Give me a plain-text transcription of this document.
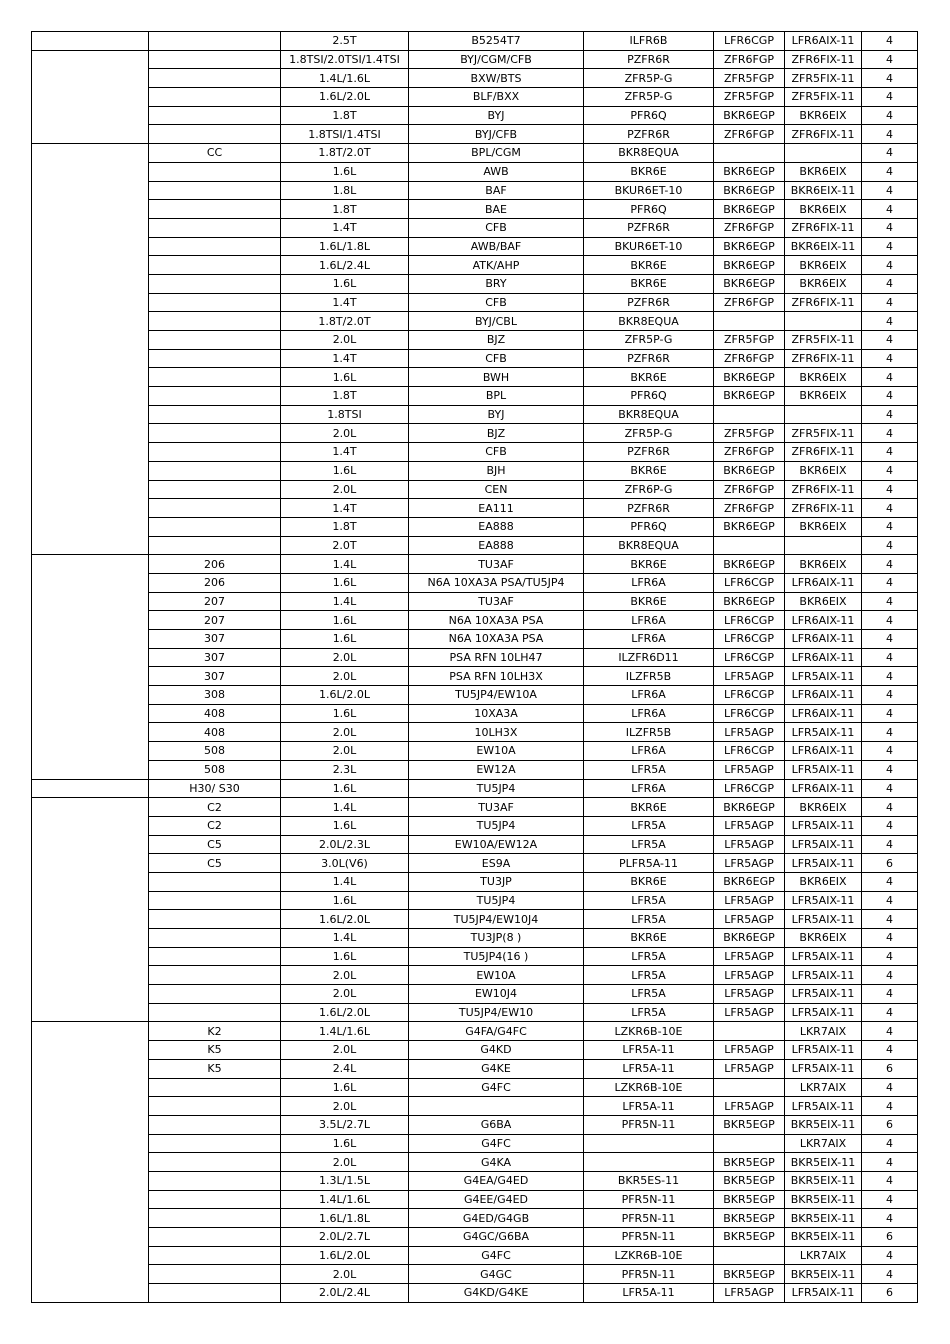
		2.5T	B5254T7	ILFR6B	LFR6CGP	LFR6AIX-11	4
		1.8TSI/2.0TSI/1.4TSI	BYJ/CGM/CFB	PZFR6R	ZFR6FGP	ZFR6FIX-11	4
		1.4L/1.6L	BXW/BTS	ZFR5P-G	ZFR5FGP	ZFR5FIX-11	4
		1.6L/2.0L	BLF/BXX	ZFR5P-G	ZFR5FGP	ZFR5FIX-11	4
		1.8T	BYJ	PFR6Q	BKR6EGP	BKR6EIX	4
		1.8TSI/1.4TSI	BYJ/CFB	PZFR6R	ZFR6FGP	ZFR6FIX-11	4
	CC	1.8T/2.0T	BPL/CGM	BKR8EQUA			4
		1.6L	AWB	BKR6E	BKR6EGP	BKR6EIX	4
		1.8L	BAF	BKUR6ET-10	BKR6EGP	BKR6EIX-11	4
		1.8T	BAE	PFR6Q	BKR6EGP	BKR6EIX	4
		1.4T	CFB	PZFR6R	ZFR6FGP	ZFR6FIX-11	4
		1.6L/1.8L	AWB/BAF	BKUR6ET-10	BKR6EGP	BKR6EIX-11	4
		1.6L/2.4L	ATK/AHP	BKR6E	BKR6EGP	BKR6EIX	4
		1.6L	BRY	BKR6E	BKR6EGP	BKR6EIX	4
		1.4T	CFB	PZFR6R	ZFR6FGP	ZFR6FIX-11	4
		1.8T/2.0T	BYJ/CBL	BKR8EQUA			4
		2.0L	BJZ	ZFR5P-G	ZFR5FGP	ZFR5FIX-11	4
		1.4T	CFB	PZFR6R	ZFR6FGP	ZFR6FIX-11	4
		1.6L	BWH	BKR6E	BKR6EGP	BKR6EIX	4
		1.8T	BPL	PFR6Q	BKR6EGP	BKR6EIX	4
		1.8TSI	BYJ	BKR8EQUA			4
		2.0L	BJZ	ZFR5P-G	ZFR5FGP	ZFR5FIX-11	4
		1.4T	CFB	PZFR6R	ZFR6FGP	ZFR6FIX-11	4
		1.6L	BJH	BKR6E	BKR6EGP	BKR6EIX	4
		2.0L	CEN	ZFR6P-G	ZFR6FGP	ZFR6FIX-11	4
		1.4T	EA111	PZFR6R	ZFR6FGP	ZFR6FIX-11	4
		1.8T	EA888	PFR6Q	BKR6EGP	BKR6EIX	4
		2.0T	EA888	BKR8EQUA			4
	206	1.4L	TU3AF	BKR6E	BKR6EGP	BKR6EIX	4
	206	1.6L	N6A 10XA3A PSA/TU5JP4	LFR6A	LFR6CGP	LFR6AIX-11	4
	207	1.4L	TU3AF	BKR6E	BKR6EGP	BKR6EIX	4
	207	1.6L	N6A 10XA3A PSA	LFR6A	LFR6CGP	LFR6AIX-11	4
	307	1.6L	N6A 10XA3A PSA	LFR6A	LFR6CGP	LFR6AIX-11	4
	307	2.0L	PSA RFN 10LH47	ILZFR6D11	LFR6CGP	LFR6AIX-11	4
	307	2.0L	PSA RFN 10LH3X	ILZFR5B	LFR5AGP	LFR5AIX-11	4
	308	1.6L/2.0L	TU5JP4/EW10A	LFR6A	LFR6CGP	LFR6AIX-11	4
	408	1.6L	10XA3A	LFR6A	LFR6CGP	LFR6AIX-11	4
	408	2.0L	10LH3X	ILZFR5B	LFR5AGP	LFR5AIX-11	4
	508	2.0L	EW10A	LFR6A	LFR6CGP	LFR6AIX-11	4
	508	2.3L	EW12A	LFR5A	LFR5AGP	LFR5AIX-11	4
	H30/ S30	1.6L	TU5JP4	LFR6A	LFR6CGP	LFR6AIX-11	4
	C2	1.4L	TU3AF	BKR6E	BKR6EGP	BKR6EIX	4
	C2	1.6L	TU5JP4	LFR5A	LFR5AGP	LFR5AIX-11	4
	C5	2.0L/2.3L	EW10A/EW12A	LFR5A	LFR5AGP	LFR5AIX-11	4
	C5	3.0L(V6)	ES9A	PLFR5A-11	LFR5AGP	LFR5AIX-11	6
		1.4L	TU3JP	BKR6E	BKR6EGP	BKR6EIX	4
		1.6L	TU5JP4	LFR5A	LFR5AGP	LFR5AIX-11	4
		1.6L/2.0L	TU5JP4/EW10J4	LFR5A	LFR5AGP	LFR5AIX-11	4
		1.4L	TU3JP(8 )	BKR6E	BKR6EGP	BKR6EIX	4
		1.6L	TU5JP4(16 )	LFR5A	LFR5AGP	LFR5AIX-11	4
		2.0L	EW10A	LFR5A	LFR5AGP	LFR5AIX-11	4
		2.0L	EW10J4	LFR5A	LFR5AGP	LFR5AIX-11	4
		1.6L/2.0L	TU5JP4/EW10	LFR5A	LFR5AGP	LFR5AIX-11	4
	K2	1.4L/1.6L	G4FA/G4FC	LZKR6B-10E		LKR7AIX	4
	K5	2.0L	G4KD	LFR5A-11	LFR5AGP	LFR5AIX-11	4
	K5	2.4L	G4KE	LFR5A-11	LFR5AGP	LFR5AIX-11	6
		1.6L	G4FC	LZKR6B-10E		LKR7AIX	4
		2.0L		LFR5A-11	LFR5AGP	LFR5AIX-11	4
		3.5L/2.7L	G6BA	PFR5N-11	BKR5EGP	BKR5EIX-11	6
		1.6L	G4FC			LKR7AIX	4
		2.0L	G4KA		BKR5EGP	BKR5EIX-11	4
		1.3L/1.5L	G4EA/G4ED	BKR5ES-11	BKR5EGP	BKR5EIX-11	4
		1.4L/1.6L	G4EE/G4ED	PFR5N-11	BKR5EGP	BKR5EIX-11	4
		1.6L/1.8L	G4ED/G4GB	PFR5N-11	BKR5EGP	BKR5EIX-11	4
		2.0L/2.7L	G4GC/G6BA	PFR5N-11	BKR5EGP	BKR5EIX-11	6
		1.6L/2.0L	G4FC	LZKR6B-10E		LKR7AIX	4
		2.0L	G4GC	PFR5N-11	BKR5EGP	BKR5EIX-11	4
		2.0L/2.4L	G4KD/G4KE	LFR5A-11	LFR5AGP	LFR5AIX-11	6
